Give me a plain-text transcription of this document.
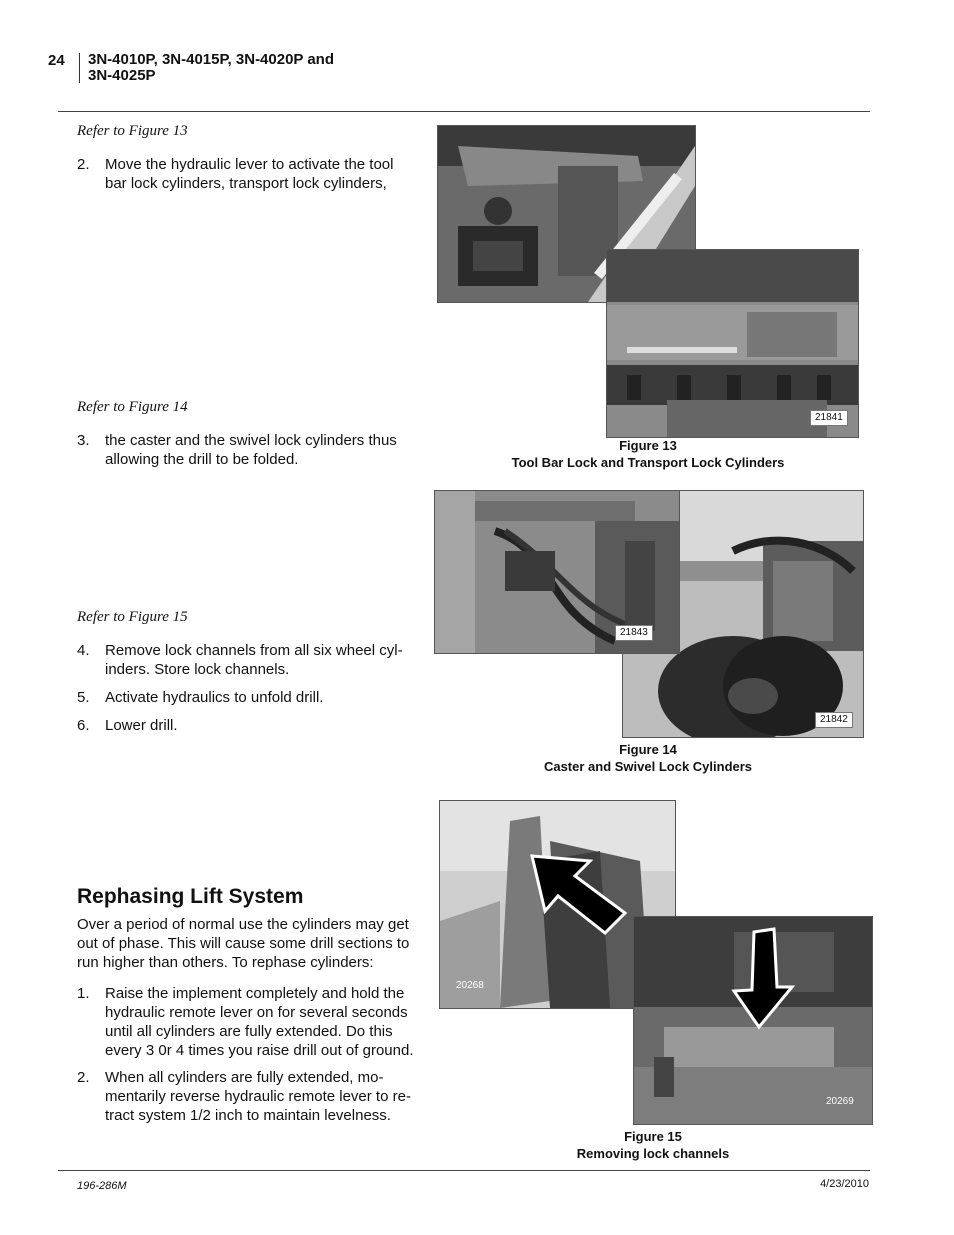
24 3N-4010P, 3N-4015P, 3N-4020P and
3N-4025P
Refer to Figure 13
2. Move the hydraulic lever to activate the tool bar lock cylinders, transport lock cylinders,
Refer to Figure 14
3. the caster and the swivel lock cylinders thus allowing the drill to be folded.
Refer to Figure 15
4. Remove lock channels from all six wheel cyl-inders. Store lock channels.
5. Activate hydraulics to unfold drill.
6. Lower drill.
Rephasing Lift System
Over a period of normal use the cylinders may get out of phase. This will cause some drill sections to run higher than others. To rephase cylinders:
1. Raise the implement completely and hold the hydraulic remote lever on for several seconds until all cylinders are fully extended. Do this every 3 0r 4 times you raise drill out of ground.
2. When all cylinders are fully extended, mo-mentarily reverse hydraulic remote lever to re-tract system 1/2 inch to maintain levelness.
21841
Figure 13
Tool Bar Lock and Transport Lock Cylinders
21842
21843
Figure 14
Caster and Swivel Lock Cylinders
20268
20269
Figure 15
Removing lock channels
196-286M	4/23/2010
